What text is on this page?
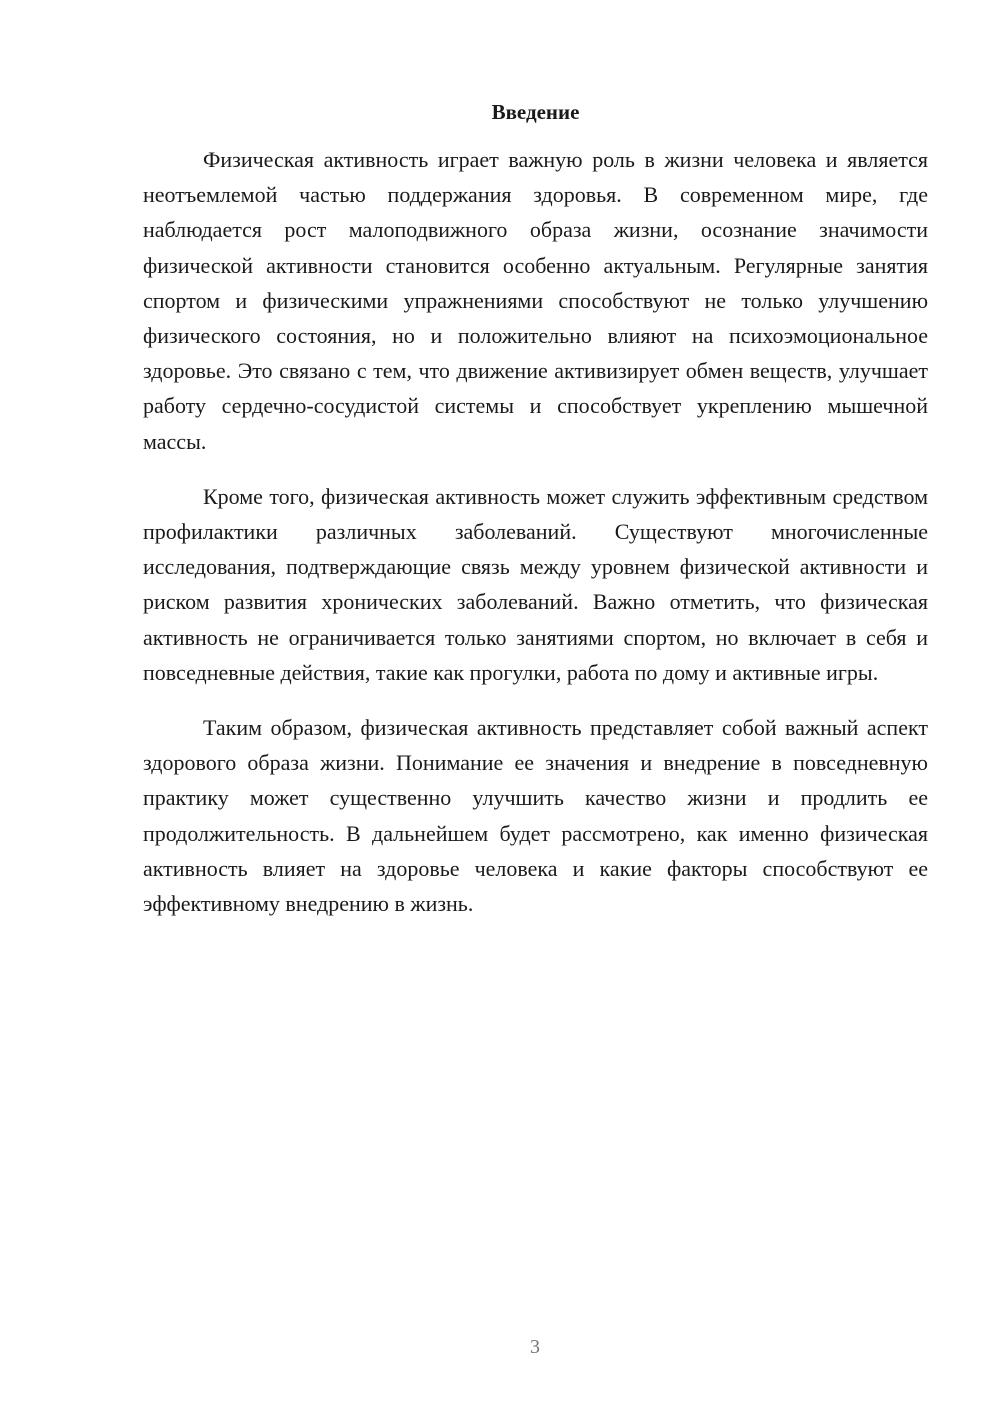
Введение

Физическая активность играет важную роль в жизни человека и является неотъемлемой частью поддержания здоровья. В современном мире, где наблюдается рост малоподвижного образа жизни, осознание значимости физической активности становится особенно актуальным. Регулярные занятия спортом и физическими упражнениями способствуют не только улучшению физического состояния, но и положительно влияют на психоэмоциональное здоровье. Это связано с тем, что движение активизирует обмен веществ, улучшает работу сердечно-сосудистой системы и способствует укреплению мышечной массы.

Кроме того, физическая активность может служить эффективным средством профилактики различных заболеваний. Существуют многочисленные исследования, подтверждающие связь между уровнем физической активности и риском развития хронических заболеваний. Важно отметить, что физическая активность не ограничивается только занятиями спортом, но включает в себя и повседневные действия, такие как прогулки, работа по дому и активные игры.

Таким образом, физическая активность представляет собой важный аспект здорового образа жизни. Понимание ее значения и внедрение в повседневную практику может существенно улучшить качество жизни и продлить ее продолжительность. В дальнейшем будет рассмотрено, как именно физическая активность влияет на здоровье человека и какие факторы способствуют ее эффективному внедрению в жизнь.

3
